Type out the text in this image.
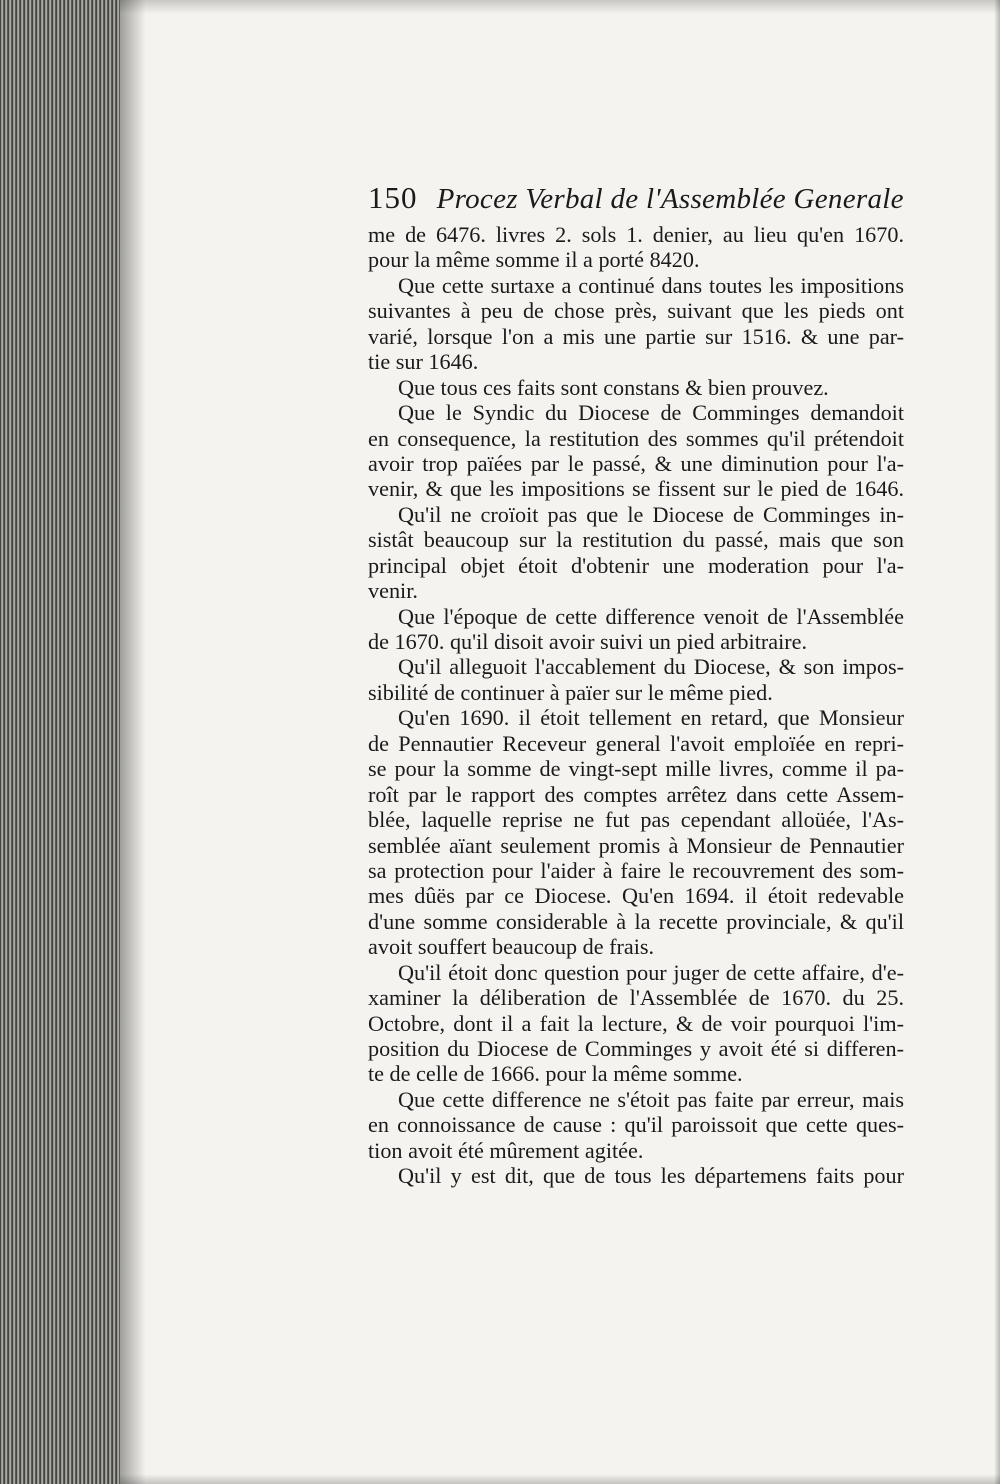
150 Procez Verbal de l'Assemblée Generale
me de 6476. livres 2. sols 1. denier, au lieu qu'en 1670.
pour la même somme il a porté 8420.
Que cette surtaxe a continué dans toutes les impositions
suivantes à peu de chose près, suivant que les pieds ont
varié, lorsque l'on a mis une partie sur 1516. & une par-
tie sur 1646.
Que tous ces faits sont constans & bien prouvez.
Que le Syndic du Diocese de Comminges demandoit
en consequence, la restitution des sommes qu'il prétendoit
avoir trop païées par le passé, & une diminution pour l'a-
venir, & que les impositions se fissent sur le pied de 1646.
Qu'il ne croïoit pas que le Diocese de Comminges in-
sistât beaucoup sur la restitution du passé, mais que son
principal objet étoit d'obtenir une moderation pour l'a-
venir.
Que l'époque de cette difference venoit de l'Assemblée
de 1670. qu'il disoit avoir suivi un pied arbitraire.
Qu'il alleguoit l'accablement du Diocese, & son impos-
sibilité de continuer à païer sur le même pied.
Qu'en 1690. il étoit tellement en retard, que Monsieur
de Pennautier Receveur general l'avoit emploïée en repri-
se pour la somme de vingt-sept mille livres, comme il pa-
roît par le rapport des comptes arrêtez dans cette Assem-
blée, laquelle reprise ne fut pas cependant alloüée, l'As-
semblée aïant seulement promis à Monsieur de Pennautier
sa protection pour l'aider à faire le recouvrement des som-
mes dûës par ce Diocese. Qu'en 1694. il étoit redevable
d'une somme considerable à la recette provinciale, & qu'il
avoit souffert beaucoup de frais.
Qu'il étoit donc question pour juger de cette affaire, d'e-
xaminer la déliberation de l'Assemblée de 1670. du 25.
Octobre, dont il a fait la lecture, & de voir pourquoi l'im-
position du Diocese de Comminges y avoit été si differen-
te de celle de 1666. pour la même somme.
Que cette difference ne s'étoit pas faite par erreur, mais
en connoissance de cause : qu'il paroissoit que cette ques-
tion avoit été mûrement agitée.
Qu'il y est dit, que de tous les départemens faits pour
